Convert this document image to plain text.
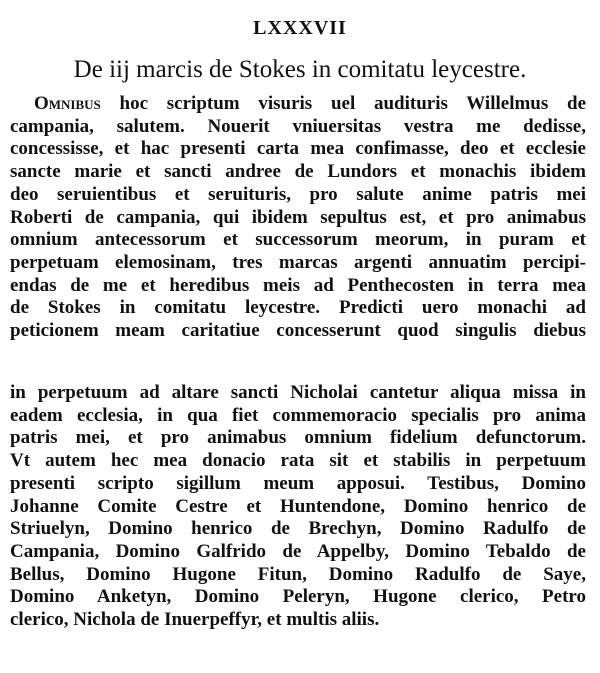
LXXXVII
De iij marcis de Stokes in comitatu leycestre.
Omnibus hoc scriptum visuris uel audituris Willelmus de
campania, salutem. Nouerit vniuersitas vestra me dedisse,
concessisse, et hac presenti carta mea confimasse, deo et ecclesie
sancte marie et sancti andree de Lundors et monachis ibidem
deo seruientibus et seruituris, pro salute anime patris mei
Roberti de campania, qui ibidem sepultus est, et pro animabus
omnium antecessorum et successorum meorum, in puram et
perpetuam elemosinam, tres marcas argenti annuatim percipi-
endas de me et heredibus meis ad Penthecosten in terra mea
de Stokes in comitatu leycestre. Predicti uero monachi ad
peticionem meam caritatiue concesserunt quod singulis diebus
in perpetuum ad altare sancti Nicholai cantetur aliqua missa in
eadem ecclesia, in qua fiet commemoracio specialis pro anima
patris mei, et pro animabus omnium fidelium defunctorum.
Vt autem hec mea donacio rata sit et stabilis in perpetuum
presenti scripto sigillum meum apposui. Testibus, Domino
Johanne Comite Cestre et Huntendone, Domino henrico de
Striuelyn, Domino henrico de Brechyn, Domino Radulfo de
Campania, Domino Galfrido de Appelby, Domino Tebaldo de
Bellus, Domino Hugone Fitun, Domino Radulfo de Saye,
Domino Anketyn, Domino Peleryn, Hugone clerico, Petro
clerico, Nichola de Inuerpeffyr, et multis aliis.
